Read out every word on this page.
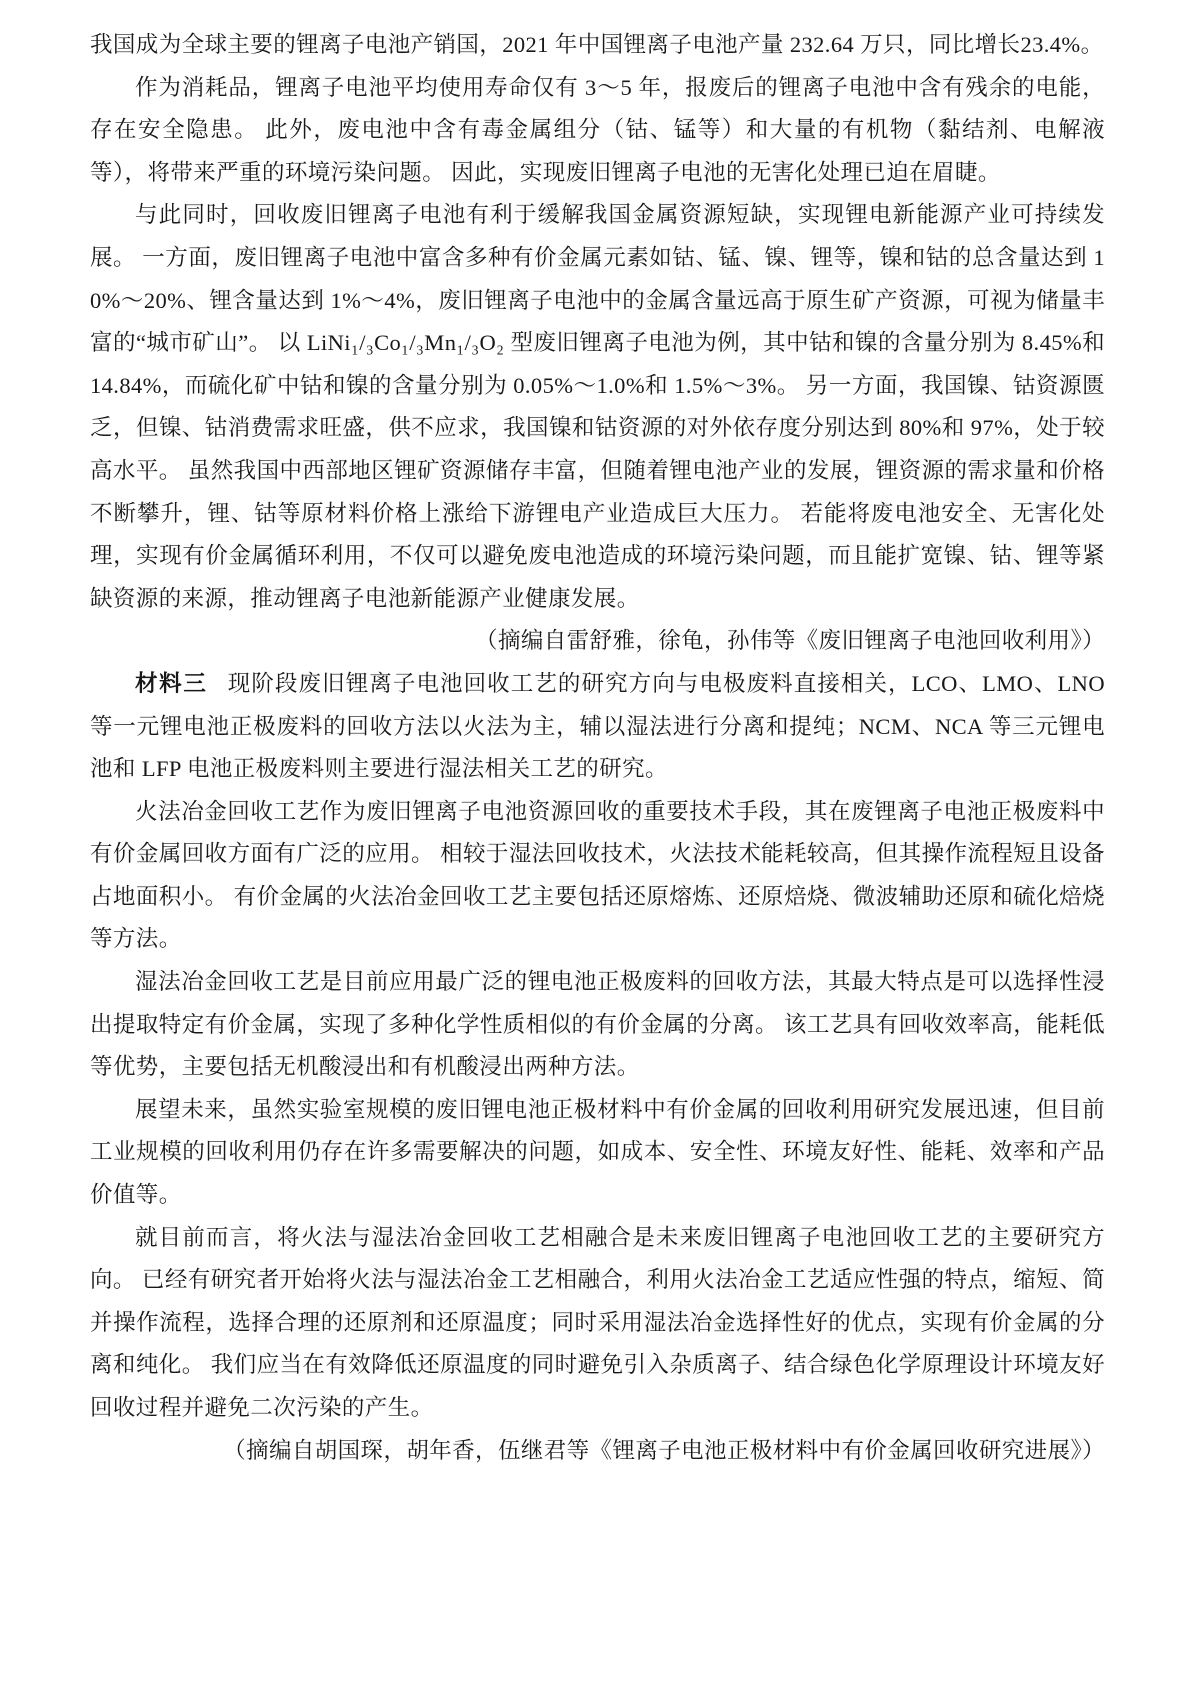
我国成为全球主要的锂离子电池产销国，2021 年中国锂离子电池产量 232.64 万只，同比增长23.4%。

作为消耗品，锂离子电池平均使用寿命仅有 3～5 年，报废后的锂离子电池中含有残余的电能，存在安全隐患。 此外，废电池中含有毒金属组分（钴、锰等）和大量的有机物（黏结剂、电解液等），将带来严重的环境污染问题。 因此，实现废旧锂离子电池的无害化处理已迫在眉睫。

与此同时，回收废旧锂离子电池有利于缓解我国金属资源短缺，实现锂电新能源产业可持续发展。 一方面，废旧锂离子电池中富含多种有价金属元素如钴、锰、镍、锂等，镍和钴的总含量达到 10%～20%、锂含量达到 1%～4%，废旧锂离子电池中的金属含量远高于原生矿产资源，可视为储量丰富的“城市矿山”。 以 LiNi₁/₃Co₁/₃Mn₁/₃O₂ 型废旧锂离子电池为例，其中钴和镍的含量分别为 8.45%和 14.84%，而硫化矿中钴和镍的含量分别为 0.05%～1.0%和 1.5%～3%。 另一方面，我国镍、钴资源匮乏，但镍、钴消费需求旺盛，供不应求，我国镍和钴资源的对外依存度分别达到 80%和 97%，处于较高水平。 虽然我国中西部地区锂矿资源储存丰富，但随着锂电池产业的发展，锂资源的需求量和价格不断攀升，锂、钴等原材料价格上涨给下游锂电产业造成巨大压力。 若能将废电池安全、无害化处理，实现有价金属循环利用，不仅可以避免废电池造成的环境污染问题，而且能扩宽镍、钴、锂等紧缺资源的来源，推动锂离子电池新能源产业健康发展。

（摘编自雷舒雅，徐龟，孙伟等《废旧锂离子电池回收利用》）

材料三 现阶段废旧锂离子电池回收工艺的研究方向与电极废料直接相关，LCO、LMO、LNO 等一元锂电池正极废料的回收方法以火法为主，辅以湿法进行分离和提纯；NCM、NCA 等三元锂电池和 LFP 电池正极废料则主要进行湿法相关工艺的研究。

火法冶金回收工艺作为废旧锂离子电池资源回收的重要技术手段，其在废锂离子电池正极废料中有价金属回收方面有广泛的应用。 相较于湿法回收技术，火法技术能耗较高，但其操作流程短且设备占地面积小。 有价金属的火法冶金回收工艺主要包括还原熔炼、还原焙烧、微波辅助还原和硫化焙烧等方法。

湿法冶金回收工艺是目前应用最广泛的锂电池正极废料的回收方法，其最大特点是可以选择性浸出提取特定有价金属，实现了多种化学性质相似的有价金属的分离。 该工艺具有回收效率高，能耗低等优势，主要包括无机酸浸出和有机酸浸出两种方法。

展望未来，虽然实验室规模的废旧锂电池正极材料中有价金属的回收利用研究发展迅速，但目前工业规模的回收利用仍存在许多需要解决的问题，如成本、安全性、环境友好性、能耗、效率和产品价值等。

就目前而言，将火法与湿法冶金回收工艺相融合是未来废旧锂离子电池回收工艺的主要研究方向。 已经有研究者开始将火法与湿法冶金工艺相融合，利用火法冶金工艺适应性强的特点，缩短、简并操作流程，选择合理的还原剂和还原温度；同时采用湿法冶金选择性好的优点，实现有价金属的分离和纯化。 我们应当在有效降低还原温度的同时避免引入杂质离子、结合绿色化学原理设计环境友好回收过程并避免二次污染的产生。

（摘编自胡国琛，胡年香，伍继君等《锂离子电池正极材料中有价金属回收研究进展》）
